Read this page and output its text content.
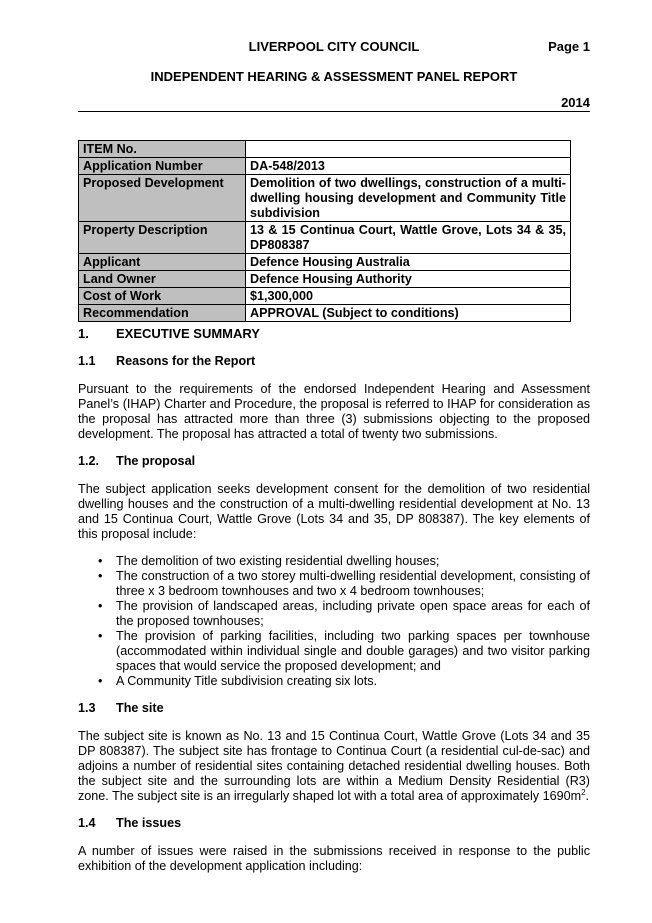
LIVERPOOL CITY COUNCIL	Page 1
INDEPENDENT HEARING & ASSESSMENT PANEL REPORT
2014
ITEM No.	
Application Number	DA-548/2013
Proposed Development	Demolition of two dwellings, construction of a multi-dwelling housing development and Community Title subdivision
Property Description	13 & 15 Continua Court, Wattle Grove, Lots 34 & 35, DP808387
Applicant	Defence Housing Australia
Land Owner	Defence Housing Authority
Cost of Work	$1,300,000
Recommendation	APPROVAL (Subject to conditions)
1.	EXECUTIVE SUMMARY
1.1	Reasons for the Report

Pursuant to the requirements of the endorsed Independent Hearing and Assessment Panel’s (IHAP) Charter and Procedure, the proposal is referred to IHAP for consideration as the proposal has attracted more than three (3) submissions objecting to the proposed development. The proposal has attracted a total of twenty two submissions.

1.2.	The proposal

The subject application seeks development consent for the demolition of two residential dwelling houses and the construction of a multi-dwelling residential development at No. 13 and 15 Continua Court, Wattle Grove (Lots 34 and 35, DP 808387). The key elements of this proposal include:

• The demolition of two existing residential dwelling houses;
• The construction of a two storey multi-dwelling residential development, consisting of three x 3 bedroom townhouses and two x 4 bedroom townhouses;
• The provision of landscaped areas, including private open space areas for each of the proposed townhouses;
• The provision of parking facilities, including two parking spaces per townhouse (accommodated within individual single and double garages) and two visitor parking spaces that would service the proposed development; and
• A Community Title subdivision creating six lots.
1.3	The site

The subject site is known as No. 13 and 15 Continua Court, Wattle Grove (Lots 34 and 35 DP 808387). The subject site has frontage to Continua Court (a residential cul-de-sac) and adjoins a number of residential sites containing detached residential dwelling houses. Both the subject site and the surrounding lots are within a Medium Density Residential (R3) zone. The subject site is an irregularly shaped lot with a total area of approximately $1690m^2$.

1.4	The issues

A number of issues were raised in the submissions received in response to the public exhibition of the development application including:
